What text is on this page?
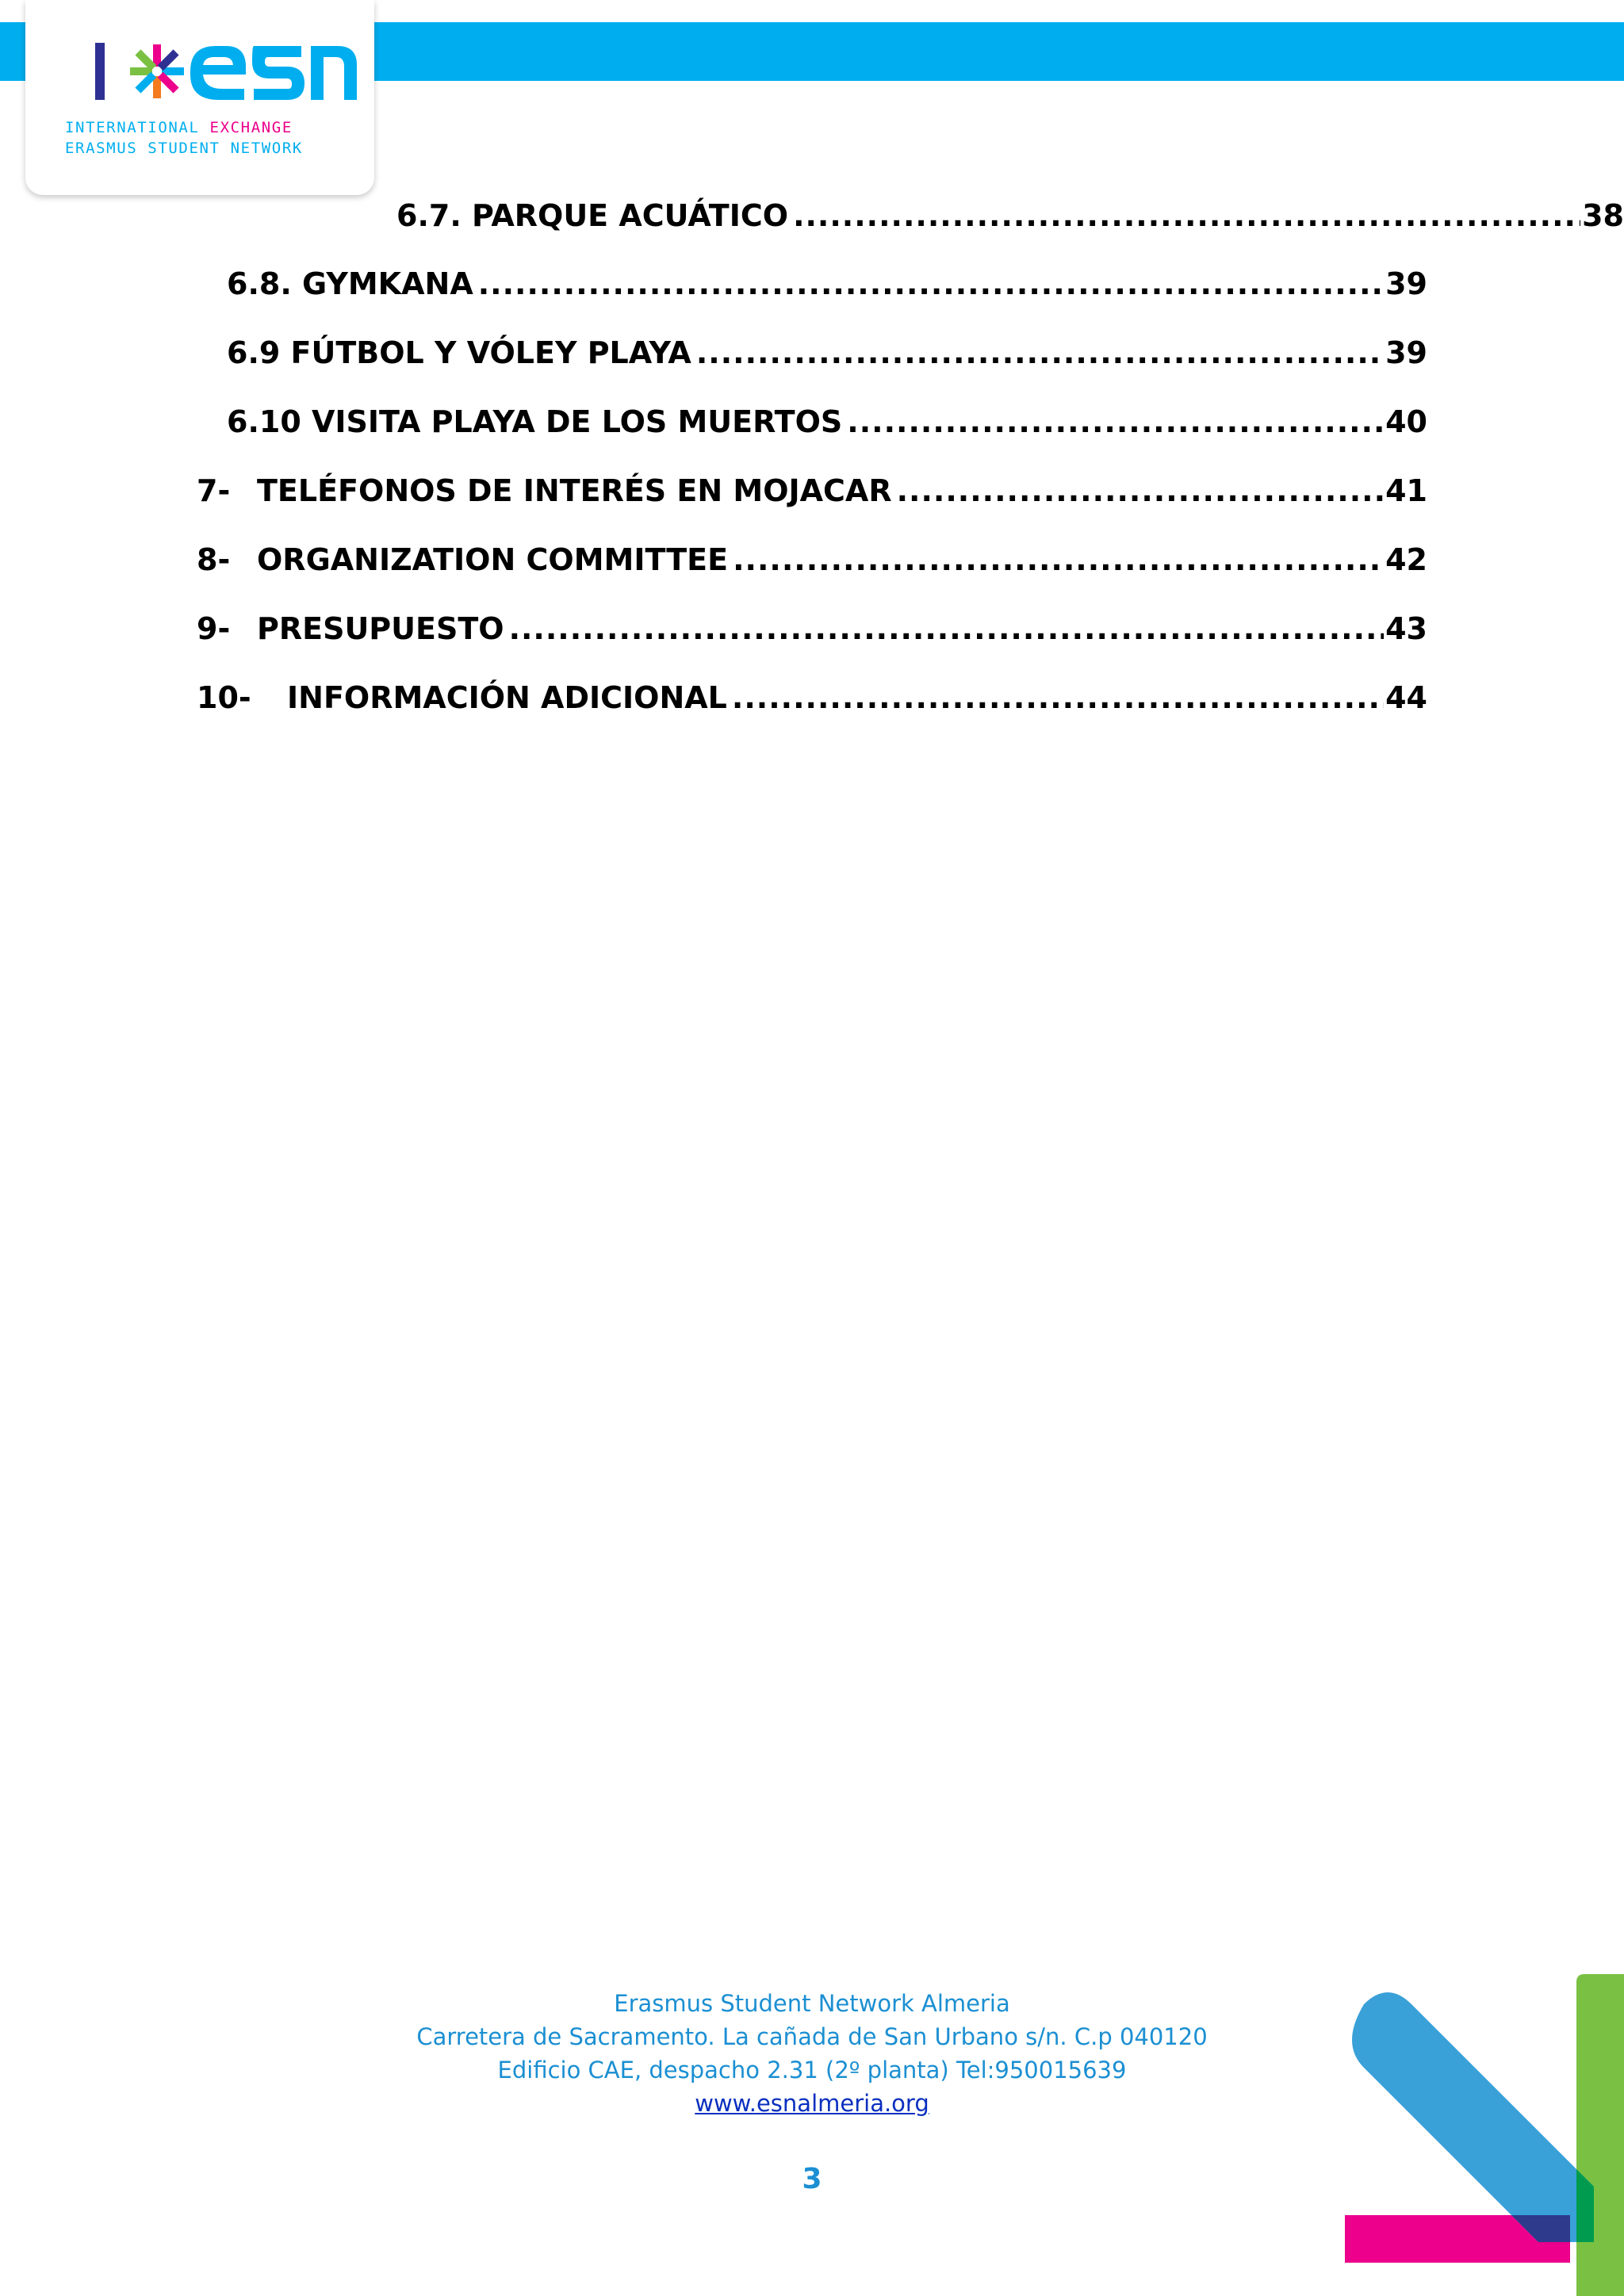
INTERNATIONAL EXCHANGE
ERASMUS STUDENT NETWORK
6.7. PARQUE ACUÁTICO .....	38
6.8. GYMKANA .....	39
6.9 FÚTBOL Y VÓLEY PLAYA .....	39
6.10 VISITA PLAYA DE LOS MUERTOS .....	40
7- TELÉFONOS DE INTERÉS EN MOJACAR .....	41
8- ORGANIZATION COMMITTEE .....	42
9- PRESUPUESTO .....	43
10-	INFORMACIÓN ADICIONAL .....	44
Erasmus Student Network Almeria
Carretera de Sacramento. La cañada de San Urbano s/n. C.p 040120
Edificio CAE, despacho 2.31 (2º planta) Tel:950015639
www.esnalmeria.org
3
